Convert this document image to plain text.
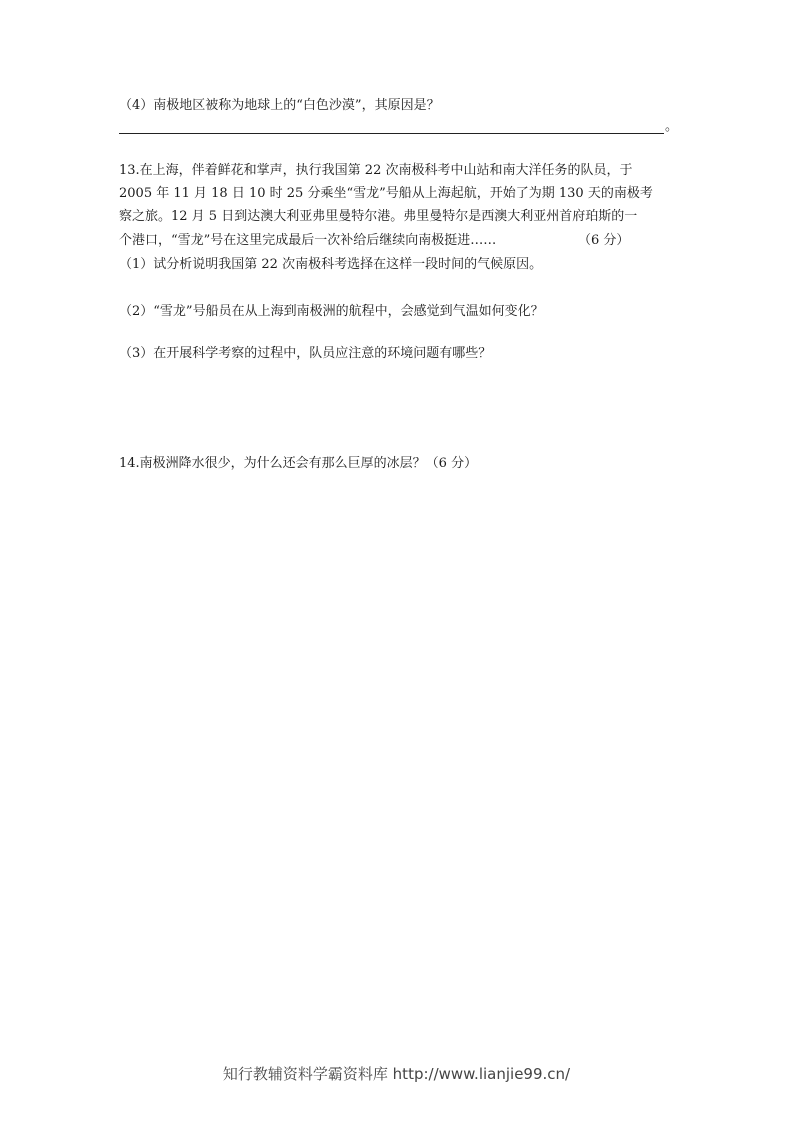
（4）南极地区被称为地球上的“白色沙漠”，其原因是？
。
13.在上海，伴着鲜花和掌声，执行我国第 22 次南极科考中山站和南大洋任务的队员，于
2005 年 11 月 18 日 10 时 25 分乘坐“雪龙”号船从上海起航，开始了为期 130 天的南极考
察之旅。12 月 5 日到达澳大利亚弗里曼特尔港。弗里曼特尔是西澳大利亚州首府珀斯的一
个港口，“雪龙”号在这里完成最后一次补给后继续向南极挺进……	（6 分）
（1）试分析说明我国第 22 次南极科考选择在这样一段时间的气候原因。
（2）“雪龙”号船员在从上海到南极洲的航程中，会感觉到气温如何变化？
（3）在开展科学考察的过程中，队员应注意的环境问题有哪些？
14.南极洲降水很少，为什么还会有那么巨厚的冰层？（6 分）
知行教辅资料学霸资料库 http://www.lianjie99.cn/
